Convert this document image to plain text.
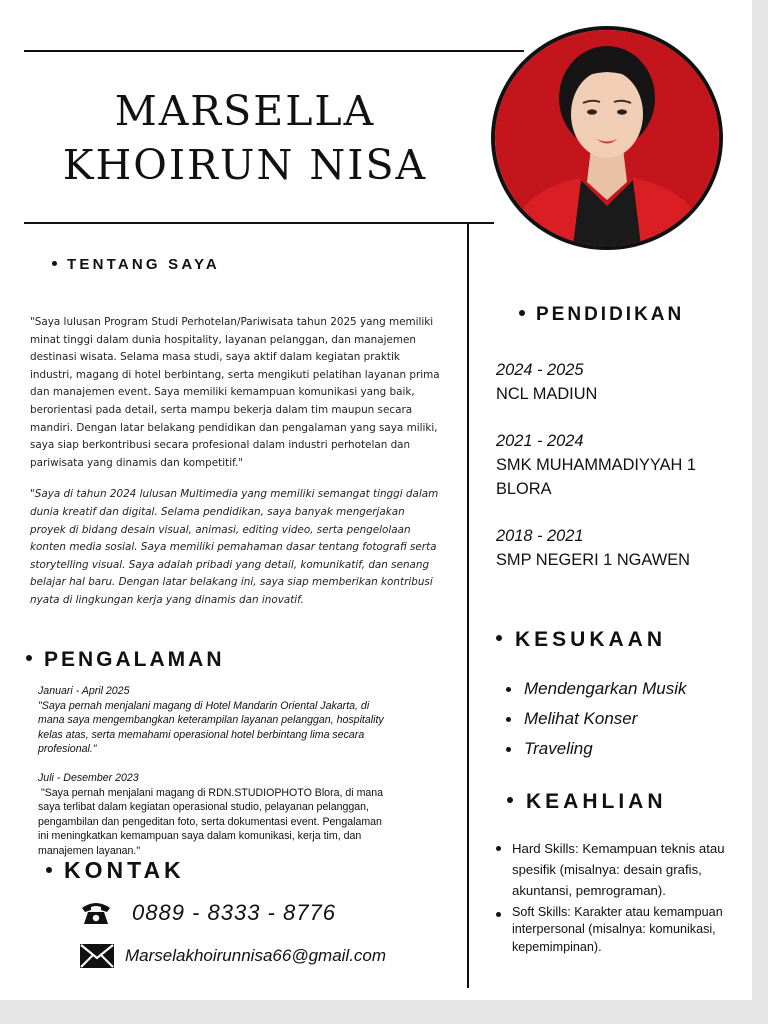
MARSELLA
KHOIRUN NISA
TENTANG SAYA

"Saya lulusan Program Studi Perhotelan/Pariwisata tahun 2025 yang memiliki minat tinggi dalam dunia hospitality, layanan pelanggan, dan manajemen destinasi wisata. Selama masa studi, saya aktif dalam kegiatan praktik industri, magang di hotel berbintang, serta mengikuti pelatihan layanan prima dan manajemen event. Saya memiliki kemampuan komunikasi yang baik, berorientasi pada detail, serta mampu bekerja dalam tim maupun secara mandiri. Dengan latar belakang pendidikan dan pengalaman yang saya miliki, saya siap berkontribusi secara profesional dalam industri perhotelan dan pariwisata yang dinamis dan kompetitif."

"Saya di tahun 2024 lulusan Multimedia yang memiliki semangat tinggi dalam dunia kreatif dan digital. Selama pendidikan, saya banyak mengerjakan proyek di bidang desain visual, animasi, editing video, serta pengelolaan konten media sosial. Saya memiliki pemahaman dasar tentang fotografi serta storytelling visual. Saya adalah pribadi yang detail, komunikatif, dan senang belajar hal baru. Dengan latar belakang ini, saya siap memberikan kontribusi nyata di lingkungan kerja yang dinamis dan inovatif.

PENGALAMAN
Januari - April 2025
"Saya pernah menjalani magang di Hotel Mandarin Oriental Jakarta, di
mana saya mengembangkan keterampilan layanan pelanggan, hospitality
kelas atas, serta memahami operasional hotel berbintang lima secara
profesional."
Juli - Desember 2023
"Saya pernah menjalani magang di RDN.STUDIOPHOTO Blora, di mana
saya terlibat dalam kegiatan operasional studio, pelayanan pelanggan,
pengambilan dan pengeditan foto, serta dokumentasi event. Pengalaman
ini meningkatkan kemampuan saya dalam komunikasi, kerja tim, dan
manajemen layanan."
KONTAK
0889 - 8333 - 8776
Marselakhoirunnisa66@gmail.com
PENDIDIKAN
2024 - 2025
NCL MADIUN
2021 - 2024
SMK MUHAMMADIYYAH 1 BLORA
2018 - 2021
SMP NEGERI 1 NGAWEN
KESUKAAN
Mendengarkan Musik
Melihat Konser
Traveling
KEAHLIAN
Hard Skills: Kemampuan teknis atau spesifik (misalnya: desain grafis, akuntansi, pemrograman).
Soft Skills: Karakter atau kemampuan interpersonal (misalnya: komunikasi, kepemimpinan).
